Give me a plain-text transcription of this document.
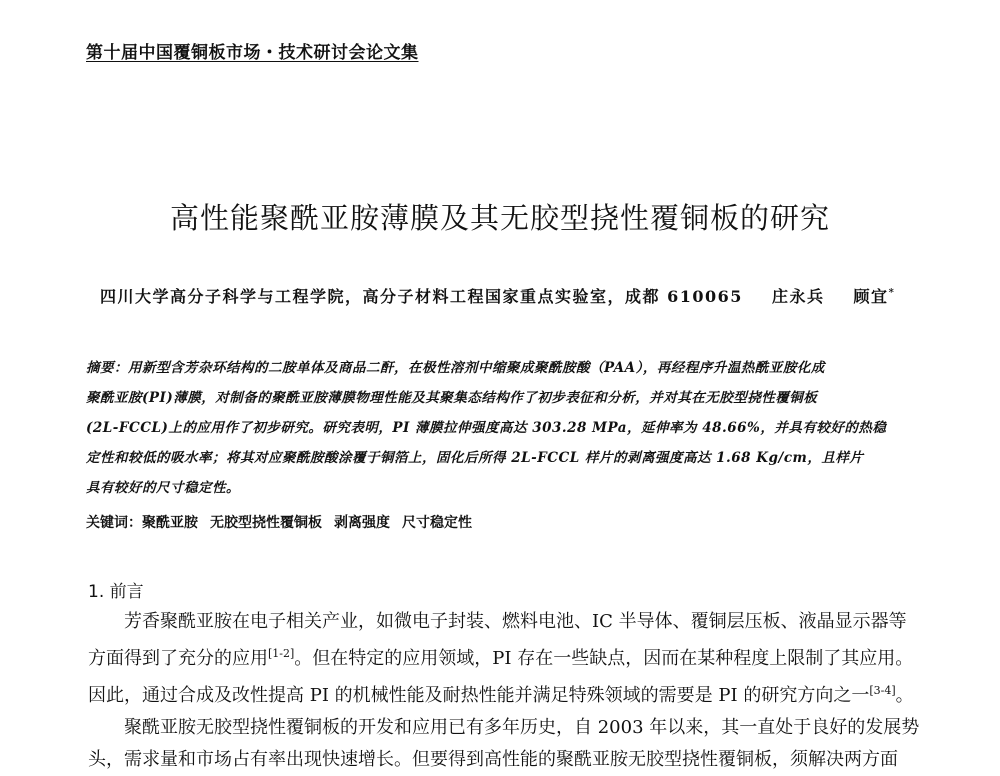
第十届中国覆铜板市场・技术研讨会论文集
高性能聚酰亚胺薄膜及其无胶型挠性覆铜板的研究
四川大学高分子科学与工程学院，高分子材料工程国家重点实验室，成都 610065 庄永兵 顾宜*
摘要：用新型含芳杂环结构的二胺单体及商品二酐，在极性溶剂中缩聚成聚酰胺酸（PAA），再经程序升温热酰亚胺化成
聚酰亚胺(PI)薄膜，对制备的聚酰亚胺薄膜物理性能及其聚集态结构作了初步表征和分析，并对其在无胶型挠性覆铜板
(2L-FCCL)上的应用作了初步研究。研究表明，PI 薄膜拉伸强度高达 303.28 MPa，延伸率为 48.66%，并具有较好的热稳
定性和较低的吸水率；将其对应聚酰胺酸涂覆于铜箔上，固化后所得 2L-FCCL 样片的剥离强度高达 1.68 Kg/cm，且样片
具有较好的尺寸稳定性。
关键词：聚酰亚胺 无胶型挠性覆铜板 剥离强度 尺寸稳定性
1. 前言
芳香聚酰亚胺在电子相关产业，如微电子封装、燃料电池、IC 半导体、覆铜层压板、液晶显示器等
方面得到了充分的应用[1-2]。但在特定的应用领域，PI 存在一些缺点，因而在某种程度上限制了其应用。
因此，通过合成及改性提高 PI 的机械性能及耐热性能并满足特殊领域的需要是 PI 的研究方向之一[3-4]。
聚酰亚胺无胶型挠性覆铜板的开发和应用已有多年历史，自 2003 年以来，其一直处于良好的发展势
头，需求量和市场占有率出现快速增长。但要得到高性能的聚酰亚胺无胶型挠性覆铜板，须解决两方面
